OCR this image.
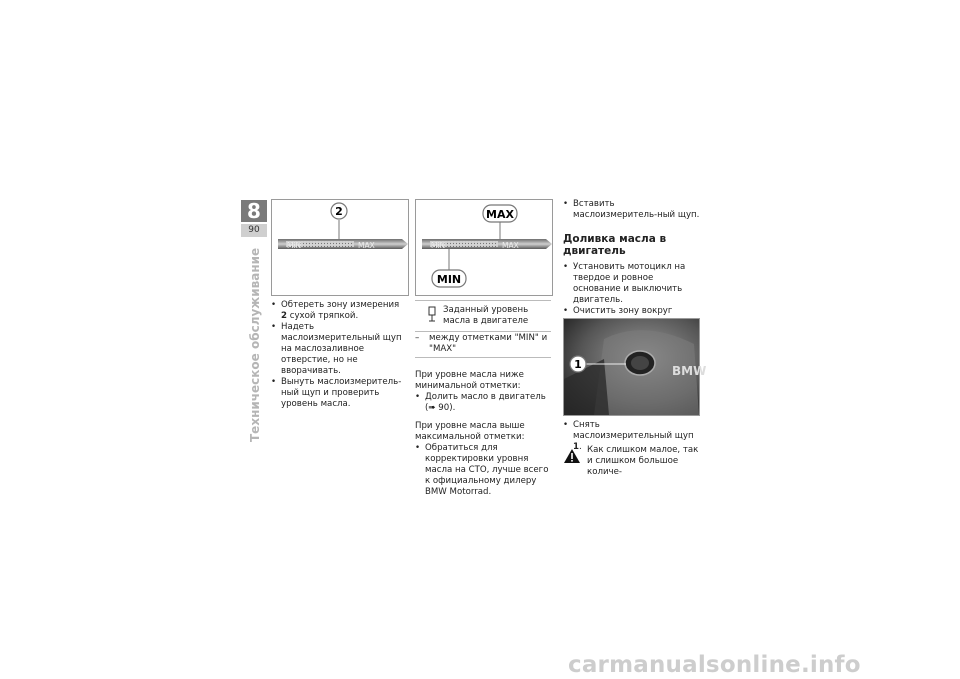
8
90
Техническое обслуживание
MIN	MAX
2
MIN	MAX
MAX
MIN
• Обтереть зону измерения 2 сухой тряпкой.
• Надеть маслоизмерительный щуп на маслозаливное отверстие, но не вворачивать.
• Вынуть маслоизмеритель-ный щуп и проверить уровень масла.
Заданный уровень масла в двигателе
– между отметками "MIN" и "MAX"

При уровне масла ниже минимальной отметки:

• Долить масло в двигатель
(➠ 90).

При уровне масла выше максимальной отметки:

• Обратиться для корректировки уровня масла на СТО, лучше всего к официальному дилеру BMW Motorrad.
• Вставить маслоизмеритель-ный щуп.
Доливка масла в двигатель
• Установить мотоцикл на твердое и ровное основание и выключить двигатель.
• Очистить зону вокруг
BMW
1
• Снять маслоизмерительный щуп 1. Как слишком малое, так и слишком большое количе-
carmanualsonline.info
